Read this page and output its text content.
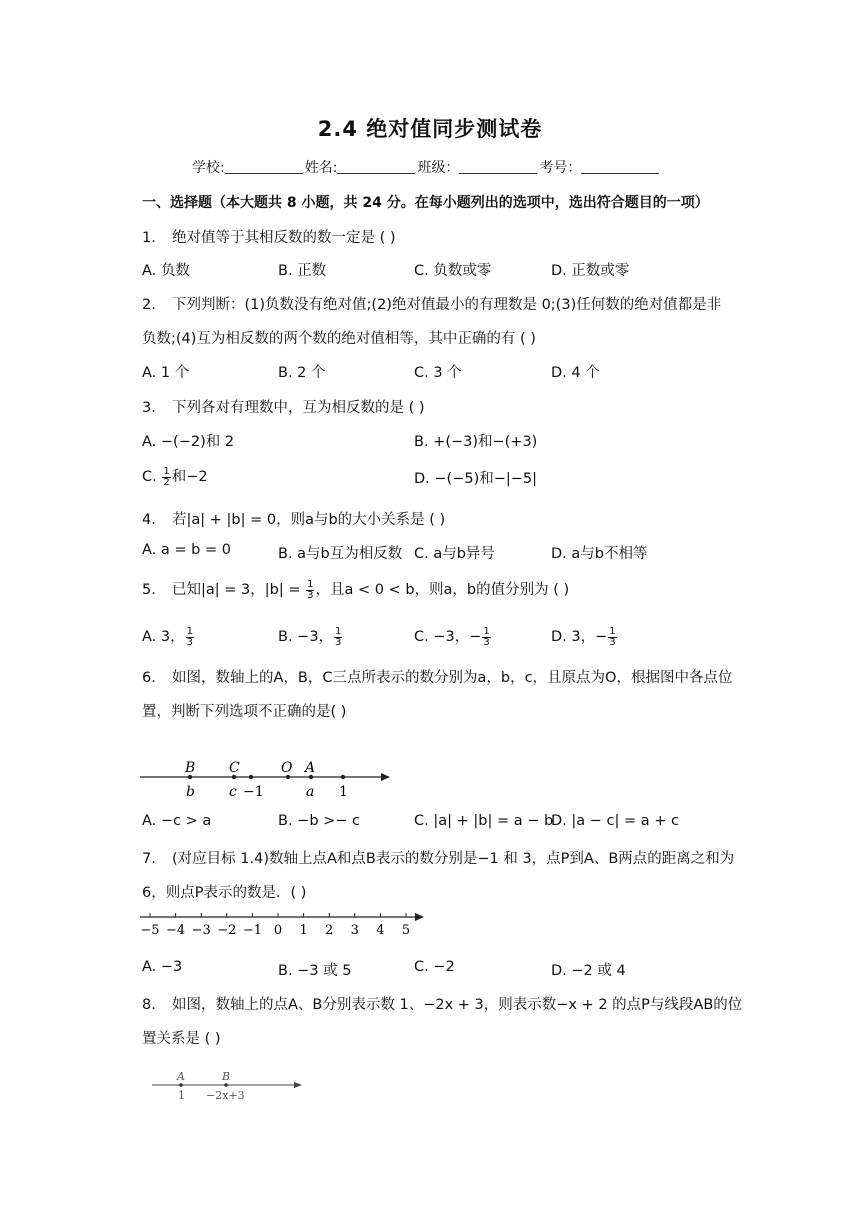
2.4 绝对值同步测试卷
学校:	姓名:	班级：	考号：
一、选择题（本大题共 8 小题，共 24 分。在每小题列出的选项中，选出符合题目的一项）
1. 绝对值等于其相反数的数一定是 ( )
A. 负数	B. 正数	C. 负数或零	D. 正数或零
2. 下列判断：(1)负数没有绝对值;(2)绝对值最小的有理数是 0;(3)任何数的绝对值都是非
负数;(4)互为相反数的两个数的绝对值相等，其中正确的有 ( )
A. 1 个	B. 2 个	C. 3 个	D. 4 个
3. 下列各对有理数中，互为相反数的是 ( )
A. −(−2)和 2	B. +(−3)和−(+3)
C. $\frac{1}{2}$ 和−2	D. −(−5)和−|−5|
4. 若|a| + |b| = 0，则a与b的大小关系是 ( )
A. a = b = 0	B. a与b互为相反数 C. a与b异号	D. a与b不相等
5. 已知|a| = 3，$|b| = \frac{1}{3}$ ，且a < 0 < b，则a，b的值分别为 ( )
A. 3， $\frac{1}{3}$	B. −3， $\frac{1}{3}$	C. −3，− $\frac{1}{3}$	D. 3，− $\frac{1}{3}$
6. 如图，数轴上的A，B，C三点所表示的数分别为a，b，c，且原点为O，根据图中各点位
置，判断下列选项不正确的是( )
B C	O A
b c −1	a 1
A. −c > a	B. −b >− c	C. |a| + |b| = a − b
D. |a − c| = a + c
7. (对应目标 1.4)数轴上点A和点B表示的数分别是−1 和 3，点P到A、B两点的距离之和为
6，则点P表示的数是．( )
−5 −4 −3 −2 −1 0 1 2 3 4 5
A. −3	B. −3 或 5	C. −2	D. −2 或 4
8. 如图，数轴上的点A、B分别表示数 1、−2x + 3，则表示数−x + 2 的点P与线段AB的位
置关系是 ( )
A	B
1 −2x+3
